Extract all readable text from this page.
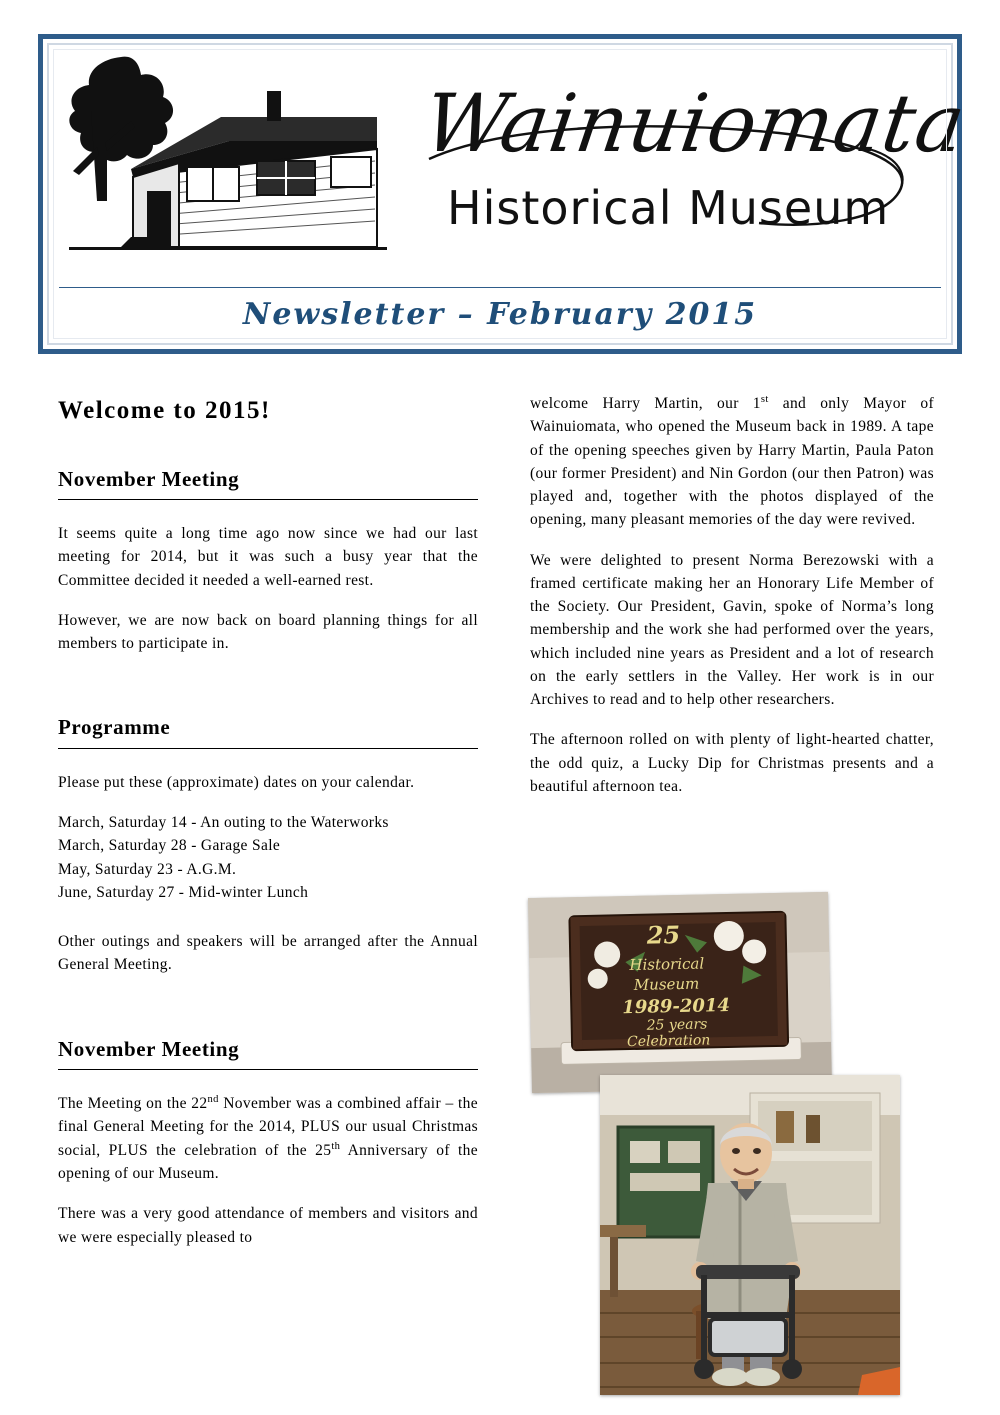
Wainuiomata
Historical Museum
Newsletter – February 2015
Welcome to 2015!
November Meeting

It seems quite a long time ago now since we had our last meeting for 2014, but it was such a busy year that the Committee decided it needed a well-earned rest.

However, we are now back on board planning things for all members to participate in.

Programme

Please put these (approximate) dates on your calendar.

March, Saturday 14 - An outing to the Waterworks

March, Saturday 28 - Garage Sale

May, Saturday 23 - A.G.M.

June, Saturday 27 - Mid-winter Lunch

Other outings and speakers will be arranged after the Annual General Meeting.

November Meeting

The Meeting on the 22nd November was a combined affair – the final General Meeting for the 2014, PLUS our usual Christmas social, PLUS the celebration of the 25th Anniversary of the opening of our Museum.

There was a very good attendance of members and visitors and we were especially pleased to

welcome Harry Martin, our 1st and only Mayor of Wainuiomata, who opened the Museum back in 1989. A tape of the opening speeches given by Harry Martin, Paula Paton (our former President) and Nin Gordon (our then Patron) was played and, together with the photos displayed of the opening, many pleasant memories of the day were revived.

We were delighted to present Norma Berezowski with a framed certificate making her an Honorary Life Member of the Society. Our President, Gavin, spoke of Norma’s long membership and the work she had performed over the years, which included nine years as President and a lot of research on the early settlers in the Valley. Her work is in our Archives to read and to help other researchers.

The afternoon rolled on with plenty of light-hearted chatter, the odd quiz, a Lucky Dip for Christmas presents and a beautiful afternoon tea.

25
Historical
Museum
1989-2014
25 years
Celebration
